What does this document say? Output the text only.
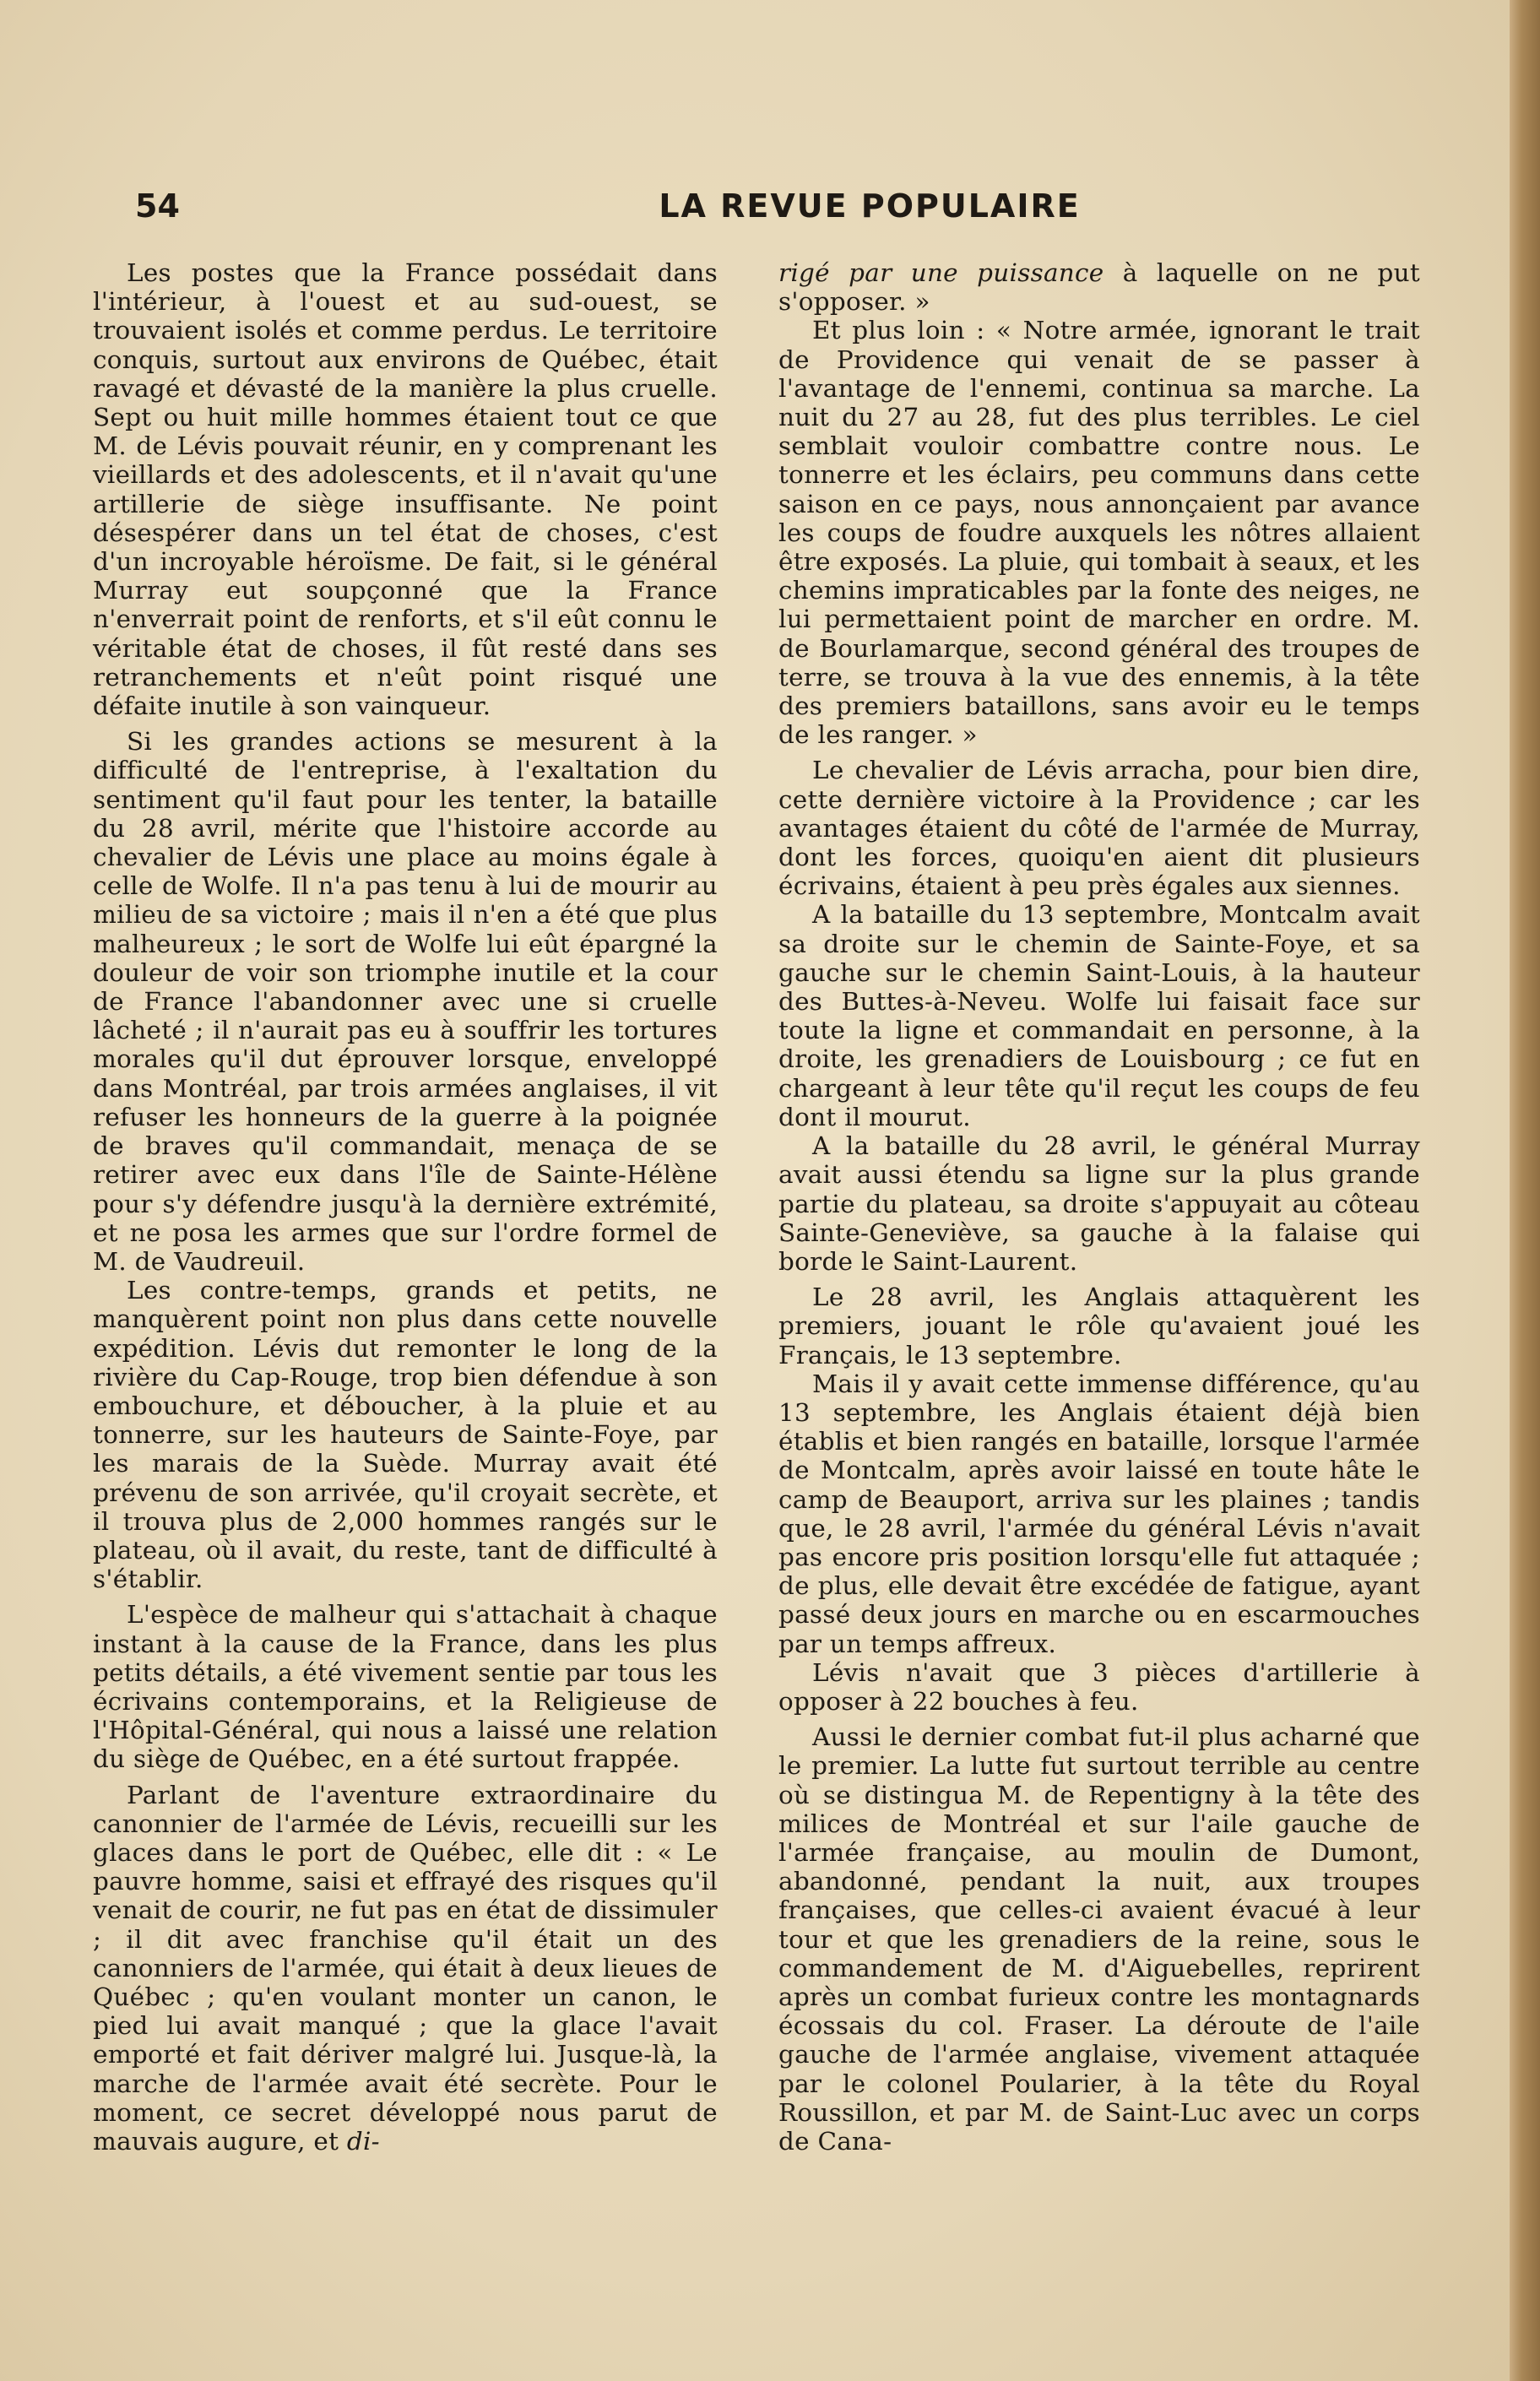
54	LA REVUE POPULAIRE

Les postes que la France possédait dans l'intérieur, à l'ouest et au sud-ouest, se trouvaient isolés et comme perdus. Le territoire conquis, surtout aux environs de Québec, était ravagé et dévasté de la manière la plus cruelle. Sept ou huit mille hommes étaient tout ce que M. de Lévis pouvait réunir, en y comprenant les vieillards et des adolescents, et il n'avait qu'une artillerie de siège insuffisante. Ne point désespérer dans un tel état de choses, c'est d'un incroyable héroïsme. De fait, si le général Murray eut soupçonné que la France n'enverrait point de renforts, et s'il eût connu le véritable état de choses, il fût resté dans ses retranchements et n'eût point risqué une défaite inutile à son vainqueur.

Si les grandes actions se mesurent à la difficulté de l'entreprise, à l'exaltation du sentiment qu'il faut pour les tenter, la bataille du 28 avril, mérite que l'histoire accorde au chevalier de Lévis une place au moins égale à celle de Wolfe. Il n'a pas tenu à lui de mourir au milieu de sa victoire ; mais il n'en a été que plus malheureux ; le sort de Wolfe lui eût épargné la douleur de voir son triomphe inutile et la cour de France l'abandonner avec une si cruelle lâcheté ; il n'aurait pas eu à souffrir les tortures morales qu'il dut éprouver lorsque, enveloppé dans Montréal, par trois armées anglaises, il vit refuser les honneurs de la guerre à la poignée de braves qu'il commandait, menaça de se retirer avec eux dans l'île de Sainte-Hélène pour s'y défendre jusqu'à la dernière extrémité, et ne posa les armes que sur l'ordre formel de M. de Vaudreuil.

Les contre-temps, grands et petits, ne manquèrent point non plus dans cette nouvelle expédition. Lévis dut remonter le long de la rivière du Cap-Rouge, trop bien défendue à son embouchure, et déboucher, à la pluie et au tonnerre, sur les hauteurs de Sainte-Foye, par les marais de la Suède. Murray avait été prévenu de son arrivée, qu'il croyait secrète, et il trouva plus de 2,000 hommes rangés sur le plateau, où il avait, du reste, tant de difficulté à s'établir.

L'espèce de malheur qui s'attachait à chaque instant à la cause de la France, dans les plus petits détails, a été vivement sentie par tous les écrivains contemporains, et la Religieuse de l'Hôpital-Général, qui nous a laissé une relation du siège de Québec, en a été surtout frappée.

Parlant de l'aventure extraordinaire du canonnier de l'armée de Lévis, recueilli sur les glaces dans le port de Québec, elle dit : « Le pauvre homme, saisi et effrayé des risques qu'il venait de courir, ne fut pas en état de dissimuler ; il dit avec franchise qu'il était un des canonniers de l'armée, qui était à deux lieues de Québec ; qu'en voulant monter un canon, le pied lui avait manqué ; que la glace l'avait emporté et fait dériver malgré lui. Jusque-là, la marche de l'armée avait été secrète. Pour le moment, ce secret développé nous parut de mauvais augure, et di-

rigé par une puissance à laquelle on ne put s'opposer. »

Et plus loin : « Notre armée, ignorant le trait de Providence qui venait de se passer à l'avantage de l'ennemi, continua sa marche. La nuit du 27 au 28, fut des plus terribles. Le ciel semblait vouloir combattre contre nous. Le tonnerre et les éclairs, peu communs dans cette saison en ce pays, nous annonçaient par avance les coups de foudre auxquels les nôtres allaient être exposés. La pluie, qui tombait à seaux, et les chemins impraticables par la fonte des neiges, ne lui permettaient point de marcher en ordre. M. de Bourlamarque, second général des troupes de terre, se trouva à la vue des ennemis, à la tête des premiers bataillons, sans avoir eu le temps de les ranger. »

Le chevalier de Lévis arracha, pour bien dire, cette dernière victoire à la Providence ; car les avantages étaient du côté de l'armée de Murray, dont les forces, quoiqu'en aient dit plusieurs écrivains, étaient à peu près égales aux siennes.

A la bataille du 13 septembre, Montcalm avait sa droite sur le chemin de Sainte-Foye, et sa gauche sur le chemin Saint-Louis, à la hauteur des Buttes-à-Neveu. Wolfe lui faisait face sur toute la ligne et commandait en personne, à la droite, les grenadiers de Louisbourg ; ce fut en chargeant à leur tête qu'il reçut les coups de feu dont il mourut.

A la bataille du 28 avril, le général Murray avait aussi étendu sa ligne sur la plus grande partie du plateau, sa droite s'appuyait au côteau Sainte-Geneviève, sa gauche à la falaise qui borde le Saint-Laurent.

Le 28 avril, les Anglais attaquèrent les premiers, jouant le rôle qu'avaient joué les Français, le 13 septembre.

Mais il y avait cette immense différence, qu'au 13 septembre, les Anglais étaient déjà bien établis et bien rangés en bataille, lorsque l'armée de Montcalm, après avoir laissé en toute hâte le camp de Beauport, arriva sur les plaines ; tandis que, le 28 avril, l'armée du général Lévis n'avait pas encore pris position lorsqu'elle fut attaquée ; de plus, elle devait être excédée de fatigue, ayant passé deux jours en marche ou en escarmouches par un temps affreux.

Lévis n'avait que 3 pièces d'artillerie à opposer à 22 bouches à feu.

Aussi le dernier combat fut-il plus acharné que le premier. La lutte fut surtout terrible au centre où se distingua M. de Repentigny à la tête des milices de Montréal et sur l'aile gauche de l'armée française, au moulin de Dumont, abandonné, pendant la nuit, aux troupes françaises, que celles-ci avaient évacué à leur tour et que les grenadiers de la reine, sous le commandement de M. d'Aiguebelles, reprirent après un combat furieux contre les montagnards écossais du col. Fraser. La déroute de l'aile gauche de l'armée anglaise, vivement attaquée par le colonel Poularier, à la tête du Royal Roussillon, et par M. de Saint-Luc avec un corps de Cana-
